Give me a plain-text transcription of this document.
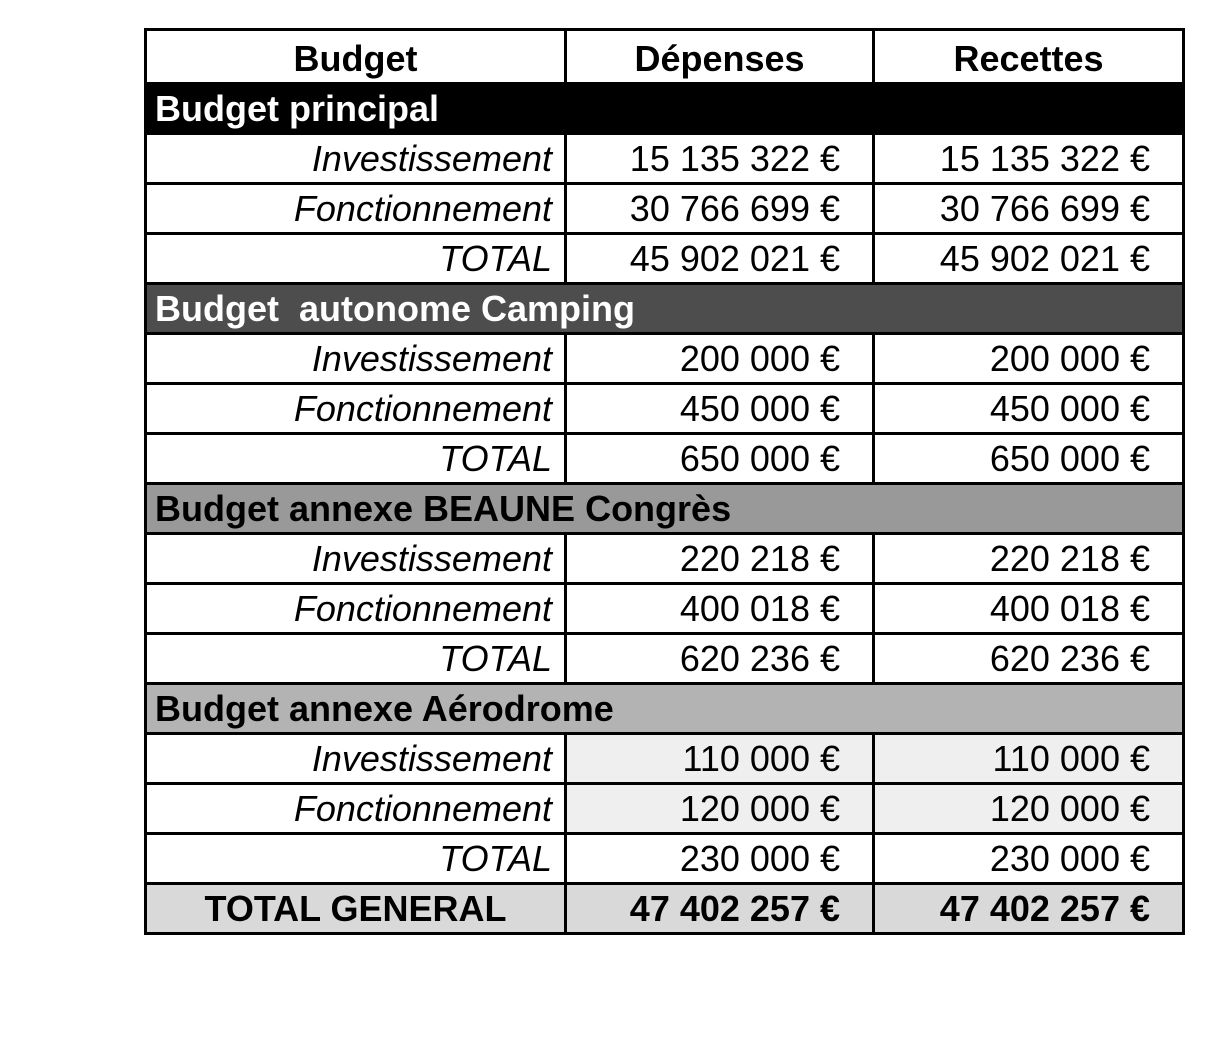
Budget	Dépenses	Recettes
Budget principal		
Investissement	15 135 322 €	15 135 322 €
Fonctionnement	30 766 699 €	30 766 699 €
TOTAL	45 902 021 €	45 902 021 €
Budget  autonome Camping		
Investissement	200 000 €	200 000 €
Fonctionnement	450 000 €	450 000 €
TOTAL	650 000 €	650 000 €
Budget annexe BEAUNE Congrès		
Investissement	220 218 €	220 218 €
Fonctionnement	400 018 €	400 018 €
TOTAL	620 236 €	620 236 €
Budget annexe Aérodrome		
Investissement	110 000 €	110 000 €
Fonctionnement	120 000 €	120 000 €
TOTAL	230 000 €	230 000 €
TOTAL GENERAL	47 402 257 €	47 402 257 €
